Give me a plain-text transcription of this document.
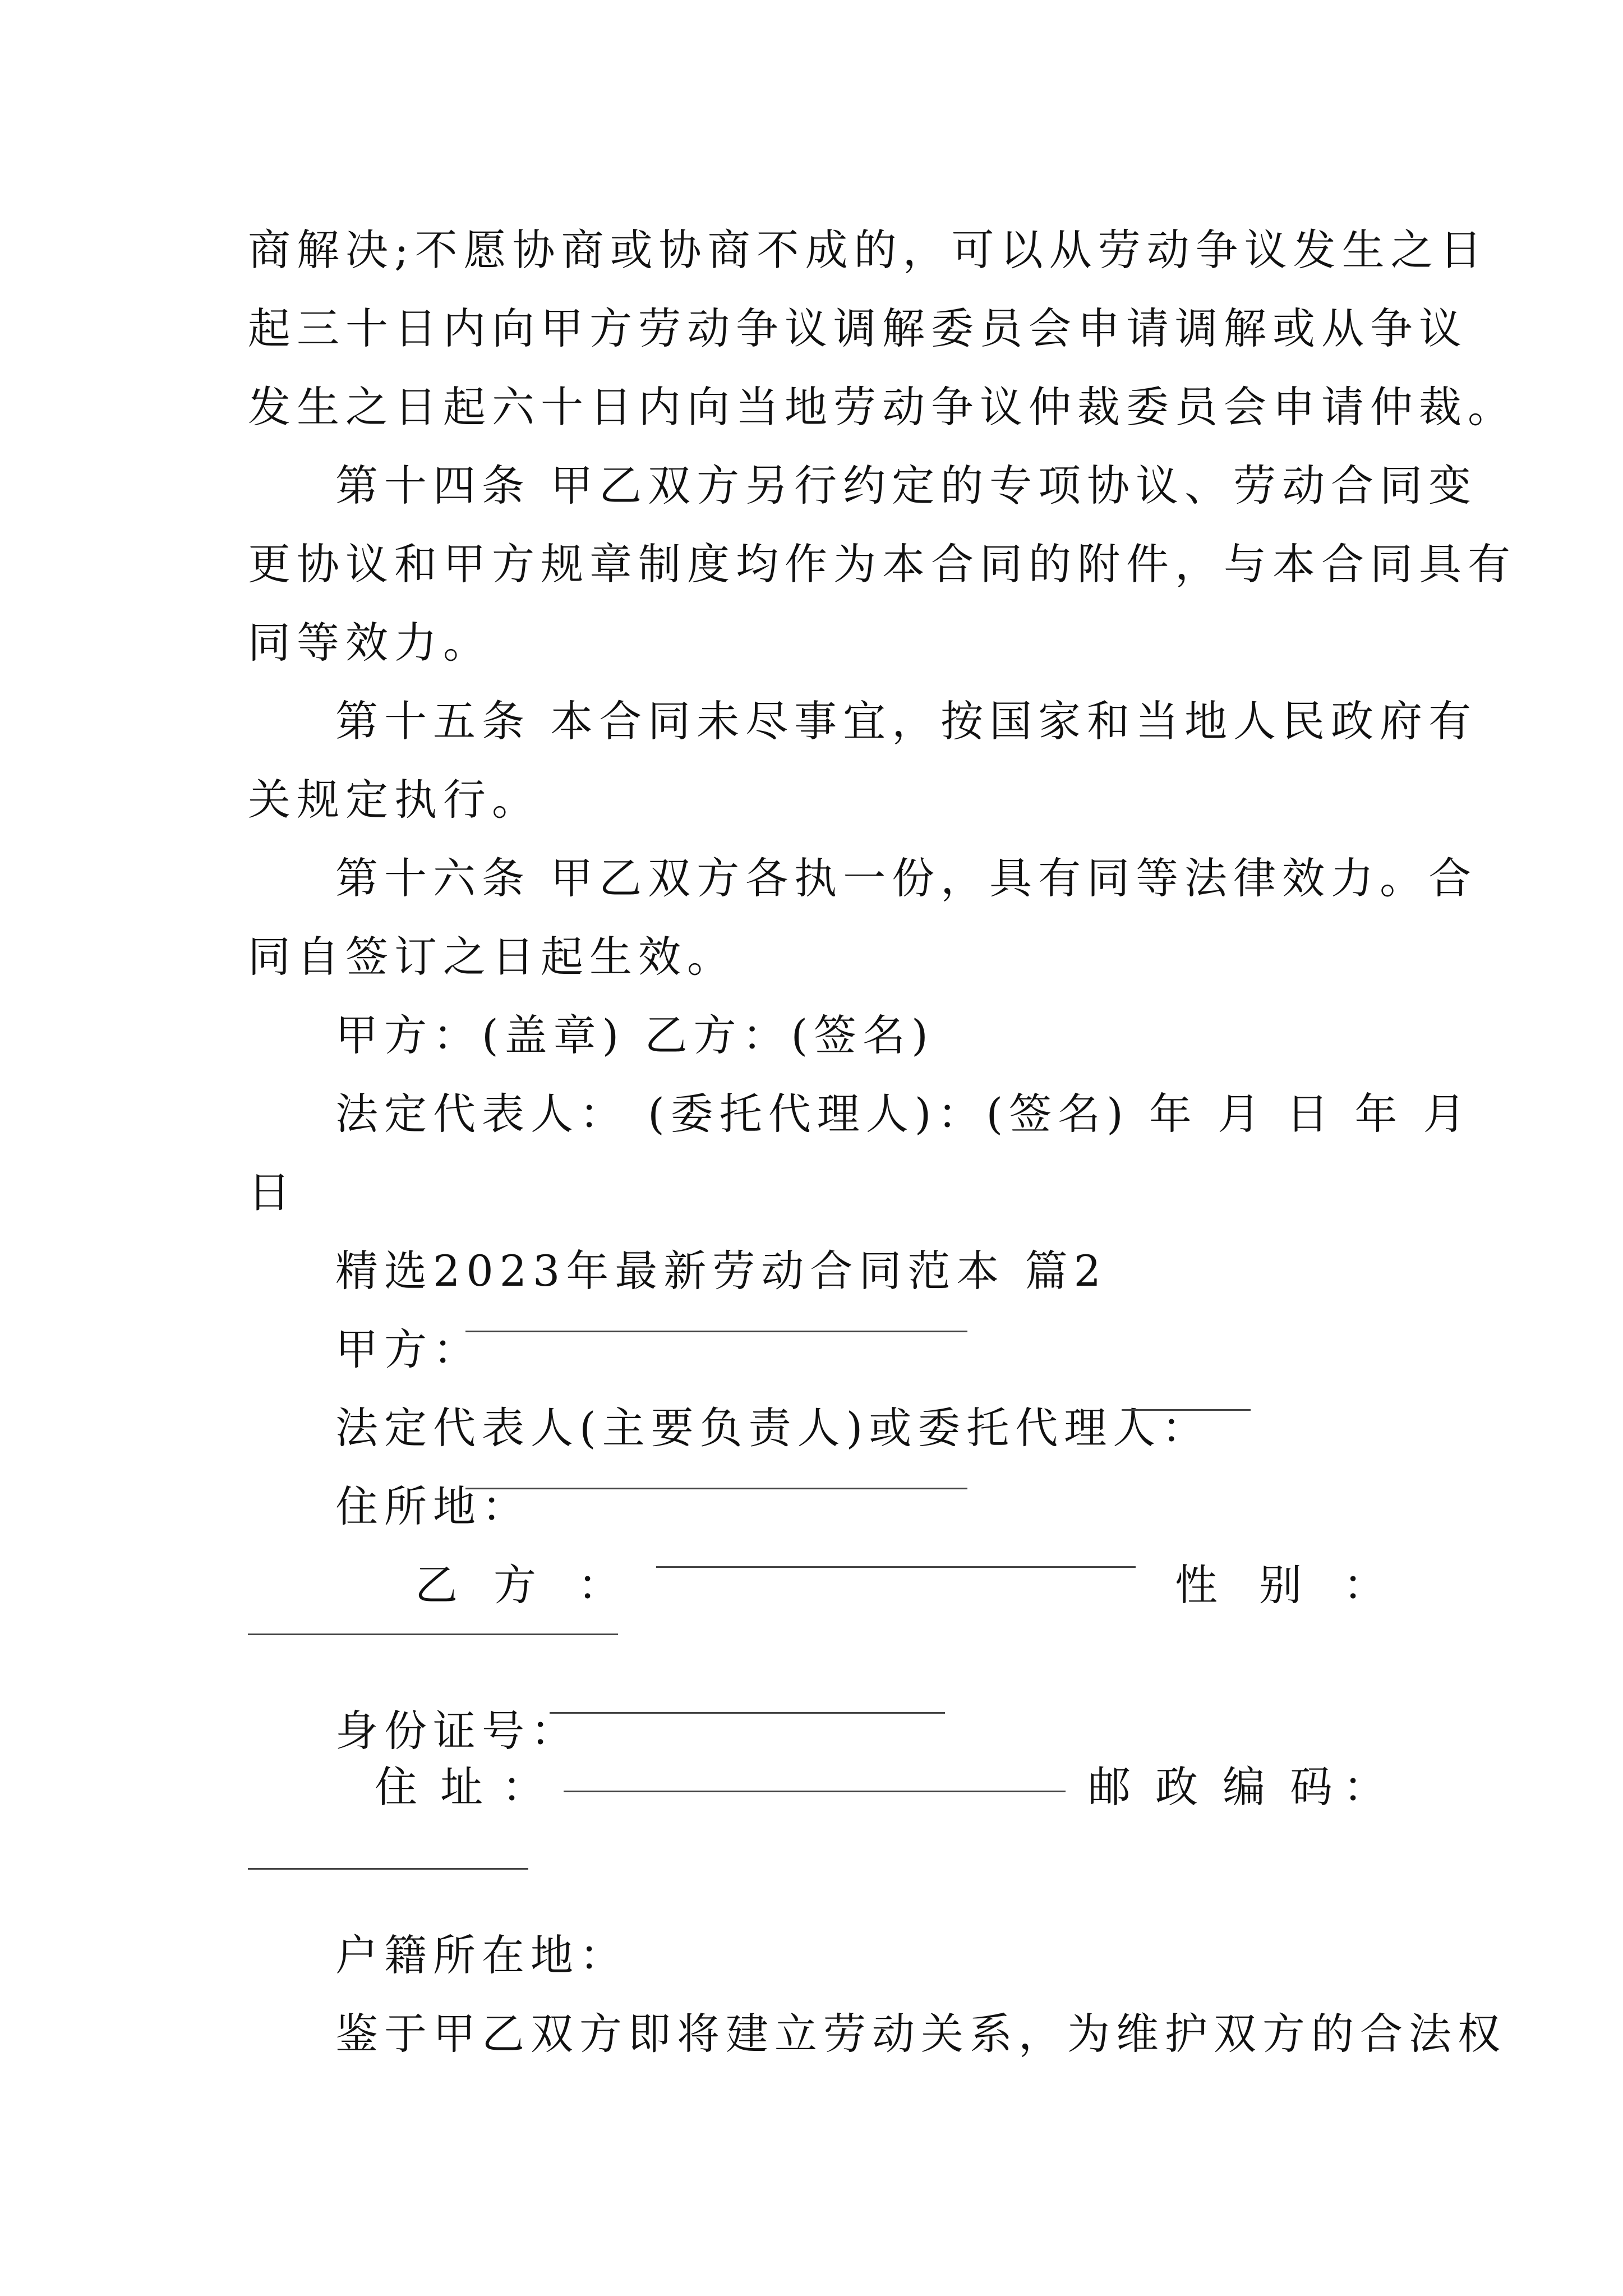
商解决;不愿协商或协商不成的，可以从劳动争议发生之日
起三十日内向甲方劳动争议调解委员会申请调解或从争议
发生之日起六十日内向当地劳动争议仲裁委员会申请仲裁。
第十四条 甲乙双方另行约定的专项协议、劳动合同变
更协议和甲方规章制度均作为本合同的附件，与本合同具有
同等效力。
第十五条 本合同未尽事宜，按国家和当地人民政府有
关规定执行。
第十六条 甲乙双方各执一份，具有同等法律效力。合
同自签订之日起生效。
甲方：(盖章) 乙方：(签名)
法定代表人： (委托代理人)：(签名) 年 月 日 年 月
日
精选2023年最新劳动合同范本 篇2
甲方：
法定代表人(主要负责人)或委托代理人：
住所地：
乙 方 ：	性 别 ：
身份证号：
住 址 ：	邮 政 编 码 ：
户籍所在地：
鉴于甲乙双方即将建立劳动关系，为维护双方的合法权
